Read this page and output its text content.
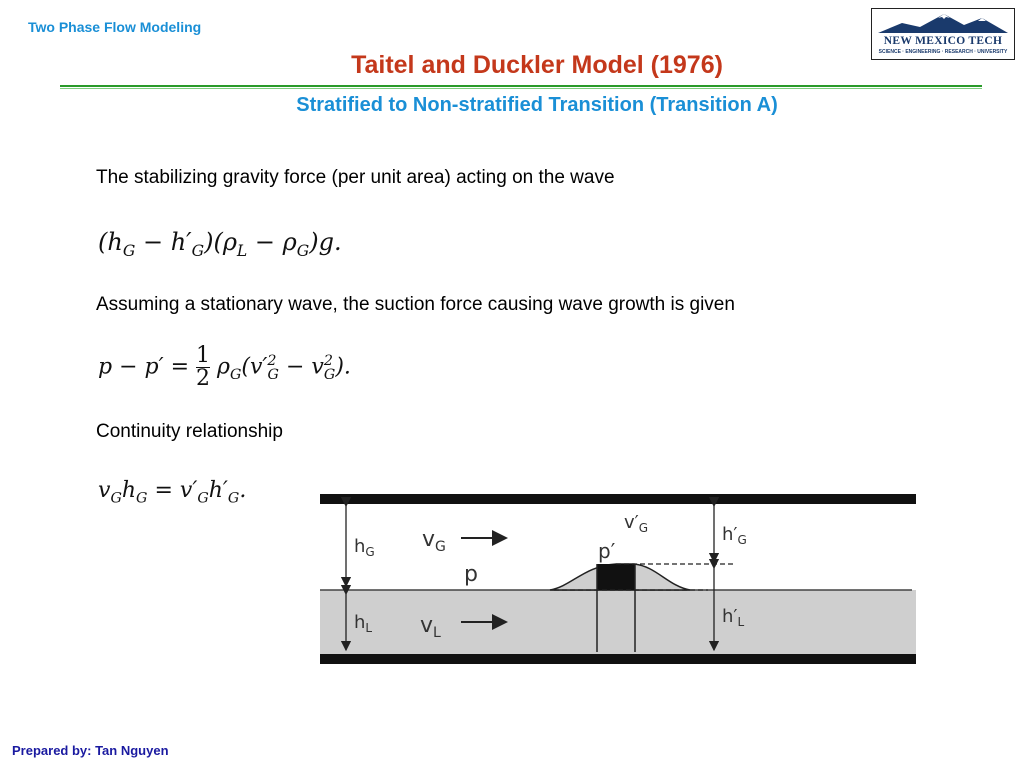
Two Phase Flow Modeling
NEW MEXICO TECH
SCIENCE · ENGINEERING · RESEARCH · UNIVERSITY
Taitel and Duckler Model (1976)
Stratified to Non-stratified Transition (Transition A)
The stabilizing gravity force (per unit area) acting on the wave
$(h_G - h'_G)(\rho_L - \rho_G)g$.
Assuming a stationary wave, the suction force causing wave growth is given
$p - p' = \frac{1}{2} \rho_G(v'^2_G - v^2_G)$.
Continuity relationship
$v_Gh_G = v'_Gh'_G$.
$h_G$
$h_L$
$v_G$
$v_L$
p
p′
$v'_G$	$h'_G$
$h'_L$
Prepared by: Tan Nguyen
